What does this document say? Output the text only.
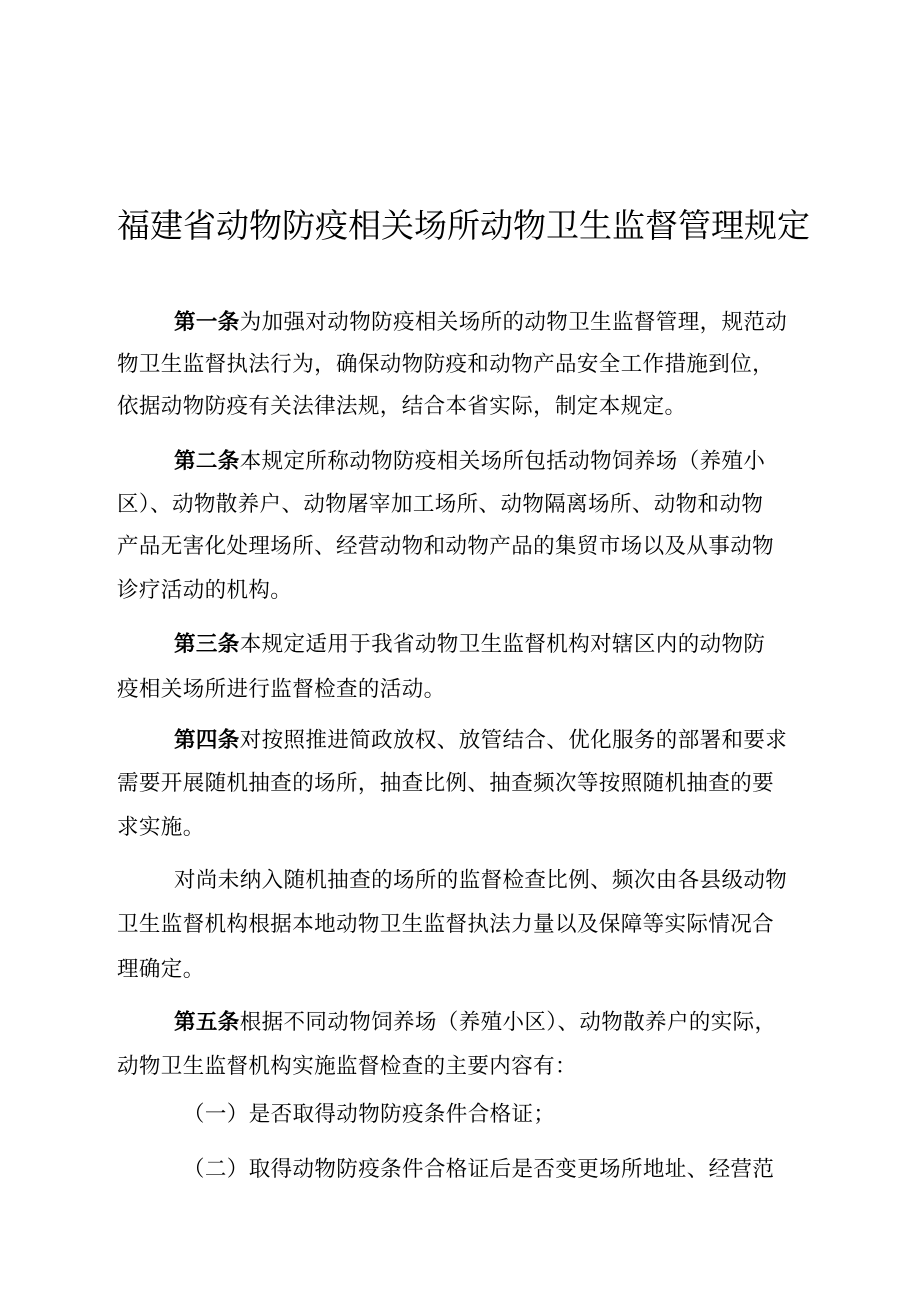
福建省动物防疫相关场所动物卫生监督管理规定
第一条为加强对动物防疫相关场所的动物卫生监督管理，规范动
物卫生监督执法行为，确保动物防疫和动物产品安全工作措施到位，
依据动物防疫有关法律法规，结合本省实际，制定本规定。
第二条本规定所称动物防疫相关场所包括动物饲养场（养殖小
区）、动物散养户、动物屠宰加工场所、动物隔离场所、动物和动物
产品无害化处理场所、经营动物和动物产品的集贸市场以及从事动物
诊疗活动的机构。
第三条本规定适用于我省动物卫生监督机构对辖区内的动物防
疫相关场所进行监督检查的活动。
第四条对按照推进简政放权、放管结合、优化服务的部署和要求
需要开展随机抽查的场所，抽查比例、抽查频次等按照随机抽查的要
求实施。
对尚未纳入随机抽查的场所的监督检查比例、频次由各县级动物
卫生监督机构根据本地动物卫生监督执法力量以及保障等实际情况合
理确定。
第五条根据不同动物饲养场（养殖小区）、动物散养户的实际，
动物卫生监督机构实施监督检查的主要内容有：
（一）是否取得动物防疫条件合格证；
（二）取得动物防疫条件合格证后是否变更场所地址、经营范
